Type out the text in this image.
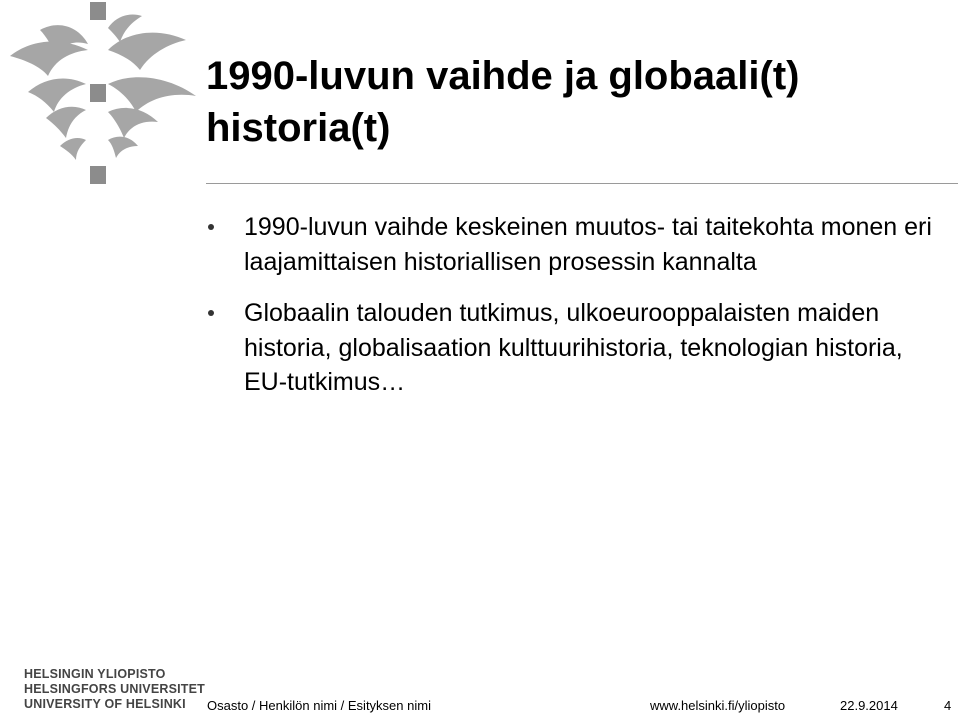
1990-luvun vaihde ja globaali(t) historia(t)
1990-luvun vaihde keskeinen muutos- tai taitekohta monen eri laajamittaisen historiallisen prosessin kannalta
Globaalin talouden tutkimus, ulkoeurooppalaisten maiden historia, globalisaation kulttuurihistoria, teknologian historia, EU-tutkimus…
HELSINGIN YLIOPISTO
HELSINGFORS UNIVERSITET
UNIVERSITY OF HELSINKI	Osasto / Henkilön nimi / Esityksen nimi	www.helsinki.fi/yliopisto	22.9.2014	4
